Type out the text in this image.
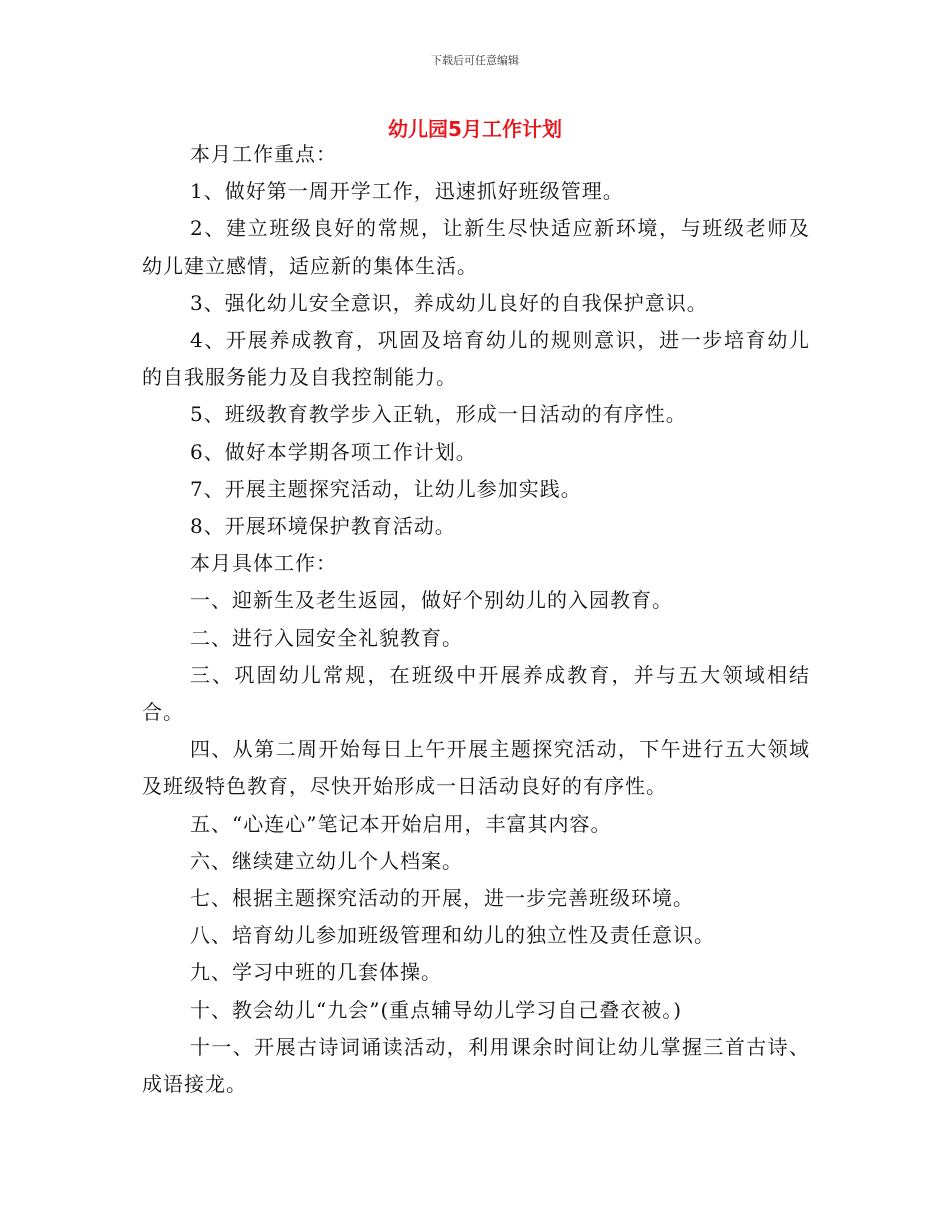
下载后可任意编辑
幼儿园5月工作计划

本月工作重点：

1、做好第一周开学工作，迅速抓好班级管理。

2、建立班级良好的常规，让新生尽快适应新环境，与班级老师及幼儿建立感情，适应新的集体生活。

3、强化幼儿安全意识，养成幼儿良好的自我保护意识。

4、开展养成教育，巩固及培育幼儿的规则意识，进一步培育幼儿的自我服务能力及自我控制能力。

5、班级教育教学步入正轨，形成一日活动的有序性。

6、做好本学期各项工作计划。

7、开展主题探究活动，让幼儿参加实践。

8、开展环境保护教育活动。

本月具体工作：

一、迎新生及老生返园，做好个别幼儿的入园教育。

二、进行入园安全礼貌教育。

三、巩固幼儿常规，在班级中开展养成教育，并与五大领域相结合。

四、从第二周开始每日上午开展主题探究活动，下午进行五大领域及班级特色教育，尽快开始形成一日活动良好的有序性。

五、“心连心”笔记本开始启用，丰富其内容。

六、继续建立幼儿个人档案。

七、根据主题探究活动的开展，进一步完善班级环境。

八、培育幼儿参加班级管理和幼儿的独立性及责任意识。

九、学习中班的几套体操。

十、教会幼儿“九会”(重点辅导幼儿学习自己叠衣被。)

十一、开展古诗词诵读活动，利用课余时间让幼儿掌握三首古诗、成语接龙。
